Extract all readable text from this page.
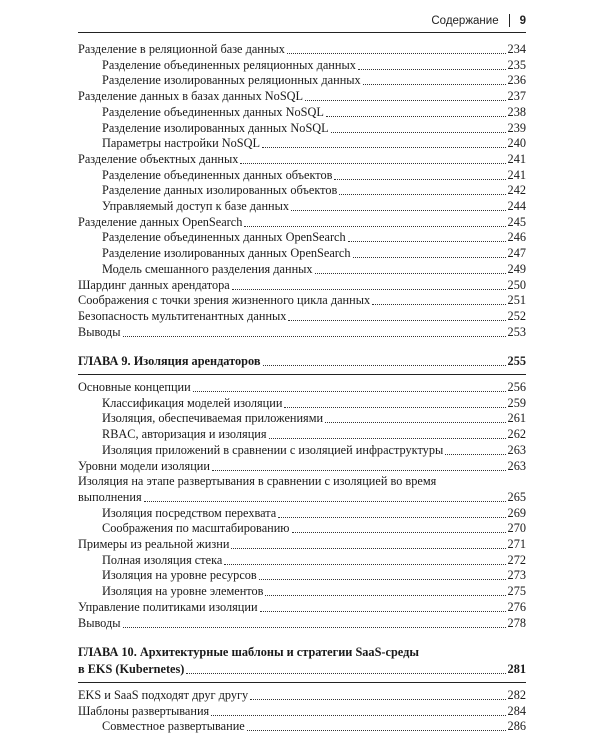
Содержание 9
Разделение в реляционной базе данных	234
Разделение объединенных реляционных данных	235
Разделение изолированных реляционных данных	236
Разделение данных в базах данных NoSQL	237
Разделение объединенных данных NoSQL	238
Разделение изолированных данных NoSQL	239
Параметры настройки NoSQL	240
Разделение объектных данных	241
Разделение объединенных данных объектов	241
Разделение данных изолированных объектов	242
Управляемый доступ к базе данных	244
Разделение данных OpenSearch	245
Разделение объединенных данных OpenSearch	246
Разделение изолированных данных OpenSearch	247
Модель смешанного разделения данных	249
Шардинг данных арендатора	250
Соображения с точки зрения жизненного цикла данных	251
Безопасность мультитенантных данных	252
Выводы	253
ГЛАВА 9. Изоляция арендаторов	255
Основные концепции	256
Классификация моделей изоляции	259
Изоляция, обеспечиваемая приложениями	261
RBAC, авторизация и изоляция	262
Изоляция приложений в сравнении с изоляцией инфраструктуры	263
Уровни модели изоляции	263
Изоляция на этапе развертывания в сравнении с изоляцией во время
выполнения	265
Изоляция посредством перехвата	269
Соображения по масштабированию	270
Примеры из реальной жизни	271
Полная изоляция стека	272
Изоляция на уровне ресурсов	273
Изоляция на уровне элементов	275
Управление политиками изоляции	276
Выводы	278
ГЛАВА 10. Архитектурные шаблоны и стратегии SaaS-среды
в EKS (Kubernetes)	281
EKS и SaaS подходят друг другу	282
Шаблоны развертывания	284
Совместное развертывание	286
